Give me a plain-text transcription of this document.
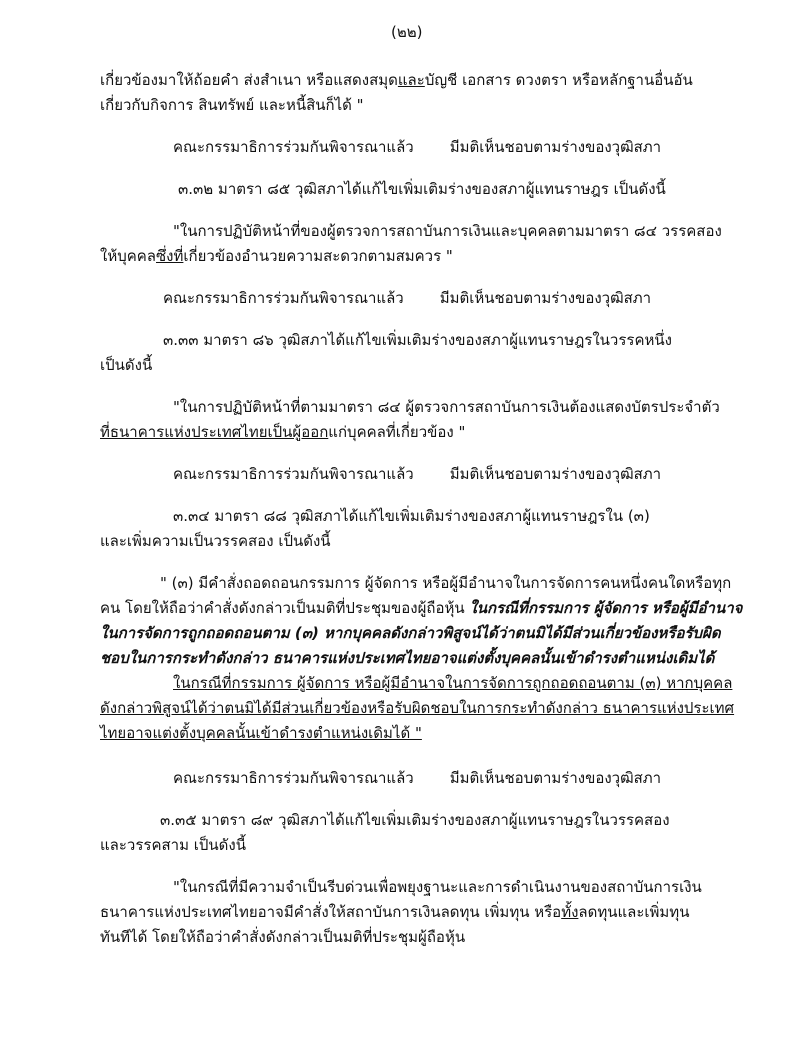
(๒๒)
เกี่ยวข้องมาให้ถ้อยคำ ส่งสำเนา หรือแสดงสมุดและบัญชี เอกสาร ดวงตรา หรือหลักฐานอื่นอัน
เกี่ยวกับกิจการ สินทรัพย์ และหนี้สินก็ได้ "
คณะกรรมาธิการร่วมกันพิจารณาแล้ว มีมติเห็นชอบตามร่างของวุฒิสภา
๓.๓๒ มาตรา ๘๕ วุฒิสภาได้แก้ไขเพิ่มเติมร่างของสภาผู้แทนราษฎร เป็นดังนี้
"ในการปฏิบัติหน้าที่ของผู้ตรวจการสถาบันการเงินและบุคคลตามมาตรา ๘๔ วรรคสอง
ให้บุคคลซึ่งที่เกี่ยวข้องอำนวยความสะดวกตามสมควร "
คณะกรรมาธิการร่วมกันพิจารณาแล้ว มีมติเห็นชอบตามร่างของวุฒิสภา
๓.๓๓ มาตรา ๘๖ วุฒิสภาได้แก้ไขเพิ่มเติมร่างของสภาผู้แทนราษฎรในวรรคหนึ่ง
เป็นดังนี้
"ในการปฏิบัติหน้าที่ตามมาตรา ๘๔ ผู้ตรวจการสถาบันการเงินต้องแสดงบัตรประจำตัว
ที่ธนาคารแห่งประเทศไทยเป็นผู้ออกแก่บุคคลที่เกี่ยวข้อง "
คณะกรรมาธิการร่วมกันพิจารณาแล้ว มีมติเห็นชอบตามร่างของวุฒิสภา
๓.๓๔ มาตรา ๘๘ วุฒิสภาได้แก้ไขเพิ่มเติมร่างของสภาผู้แทนราษฎรใน (๓)
และเพิ่มความเป็นวรรคสอง เป็นดังนี้
" (๓) มีคำสั่งถอดถอนกรรมการ ผู้จัดการ หรือผู้มีอำนาจในการจัดการคนหนึ่งคนใดหรือทุก
คน โดยให้ถือว่าคำสั่งดังกล่าวเป็นมติที่ประชุมของผู้ถือหุ้น ในกรณีที่กรรมการ ผู้จัดการ หรือผู้มีอำนาจ
ในการจัดการถูกถอดถอนตาม (๓) หากบุคคลดังกล่าวพิสูจน์ได้ว่าตนมิได้มีส่วนเกี่ยวข้องหรือรับผิด
ชอบในการกระทำดังกล่าว ธนาคารแห่งประเทศไทยอาจแต่งตั้งบุคคลนั้นเข้าดำรงตำแหน่งเดิมได้
ในกรณีที่กรรมการ ผู้จัดการ หรือผู้มีอำนาจในการจัดการถูกถอดถอนตาม (๓) หากบุคคล
ดังกล่าวพิสูจน์ได้ว่าตนมิได้มีส่วนเกี่ยวข้องหรือรับผิดชอบในการกระทำดังกล่าว ธนาคารแห่งประเทศ
ไทยอาจแต่งตั้งบุคคลนั้นเข้าดำรงตำแหน่งเดิมได้ "
คณะกรรมาธิการร่วมกันพิจารณาแล้ว มีมติเห็นชอบตามร่างของวุฒิสภา
๓.๓๕ มาตรา ๘๙ วุฒิสภาได้แก้ไขเพิ่มเติมร่างของสภาผู้แทนราษฎรในวรรคสอง
และวรรคสาม เป็นดังนี้
"ในกรณีที่มีความจำเป็นรีบด่วนเพื่อพยุงฐานะและการดำเนินงานของสถาบันการเงิน
ธนาคารแห่งประเทศไทยอาจมีคำสั่งให้สถาบันการเงินลดทุน เพิ่มทุน หรือทั้งลดทุนและเพิ่มทุน
ทันทีได้ โดยให้ถือว่าคำสั่งดังกล่าวเป็นมติที่ประชุมผู้ถือหุ้น
